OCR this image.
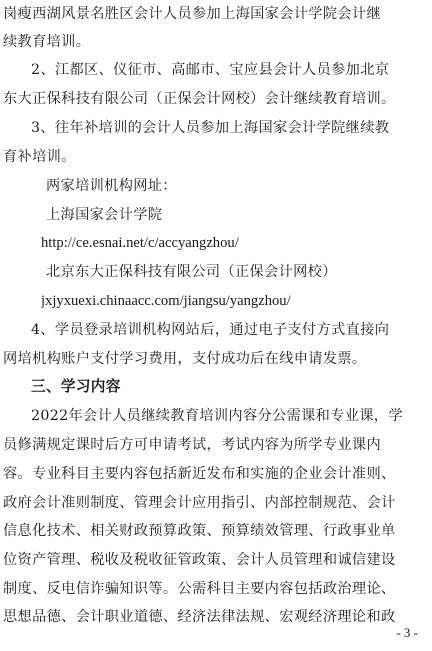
岗瘦西湖风景名胜区会计人员参加上海国家会计学院会计继
续教育培训。
2、江都区、仪征市、高邮市、宝应县会计人员参加北京
东大正保科技有限公司（正保会计网校）会计继续教育培训。
3、往年补培训的会计人员参加上海国家会计学院继续教
育补培训。
两家培训机构网址：
上海国家会计学院
http://ce.esnai.net/c/accyangzhou/
北京东大正保科技有限公司（正保会计网校）
jxjyxuexi.chinaacc.com/jiangsu/yangzhou/
4、学员登录培训机构网站后，通过电子支付方式直接向
网培机构账户支付学习费用，支付成功后在线申请发票。
三、学习内容
2022年会计人员继续教育培训内容分公需课和专业课，学
员修满规定课时后方可申请考试，考试内容为所学专业课内
容。专业科目主要内容包括新近发布和实施的企业会计准则、
政府会计准则制度、管理会计应用指引、内部控制规范、会计
信息化技术、相关财政预算政策、预算绩效管理、行政事业单
位资产管理、税收及税收征管政策、会计人员管理和诚信建设
制度、反电信诈骗知识等。公需科目主要内容包括政治理论、
思想品德、会计职业道德、经济法律法规、宏观经济理论和政
- 3 -
